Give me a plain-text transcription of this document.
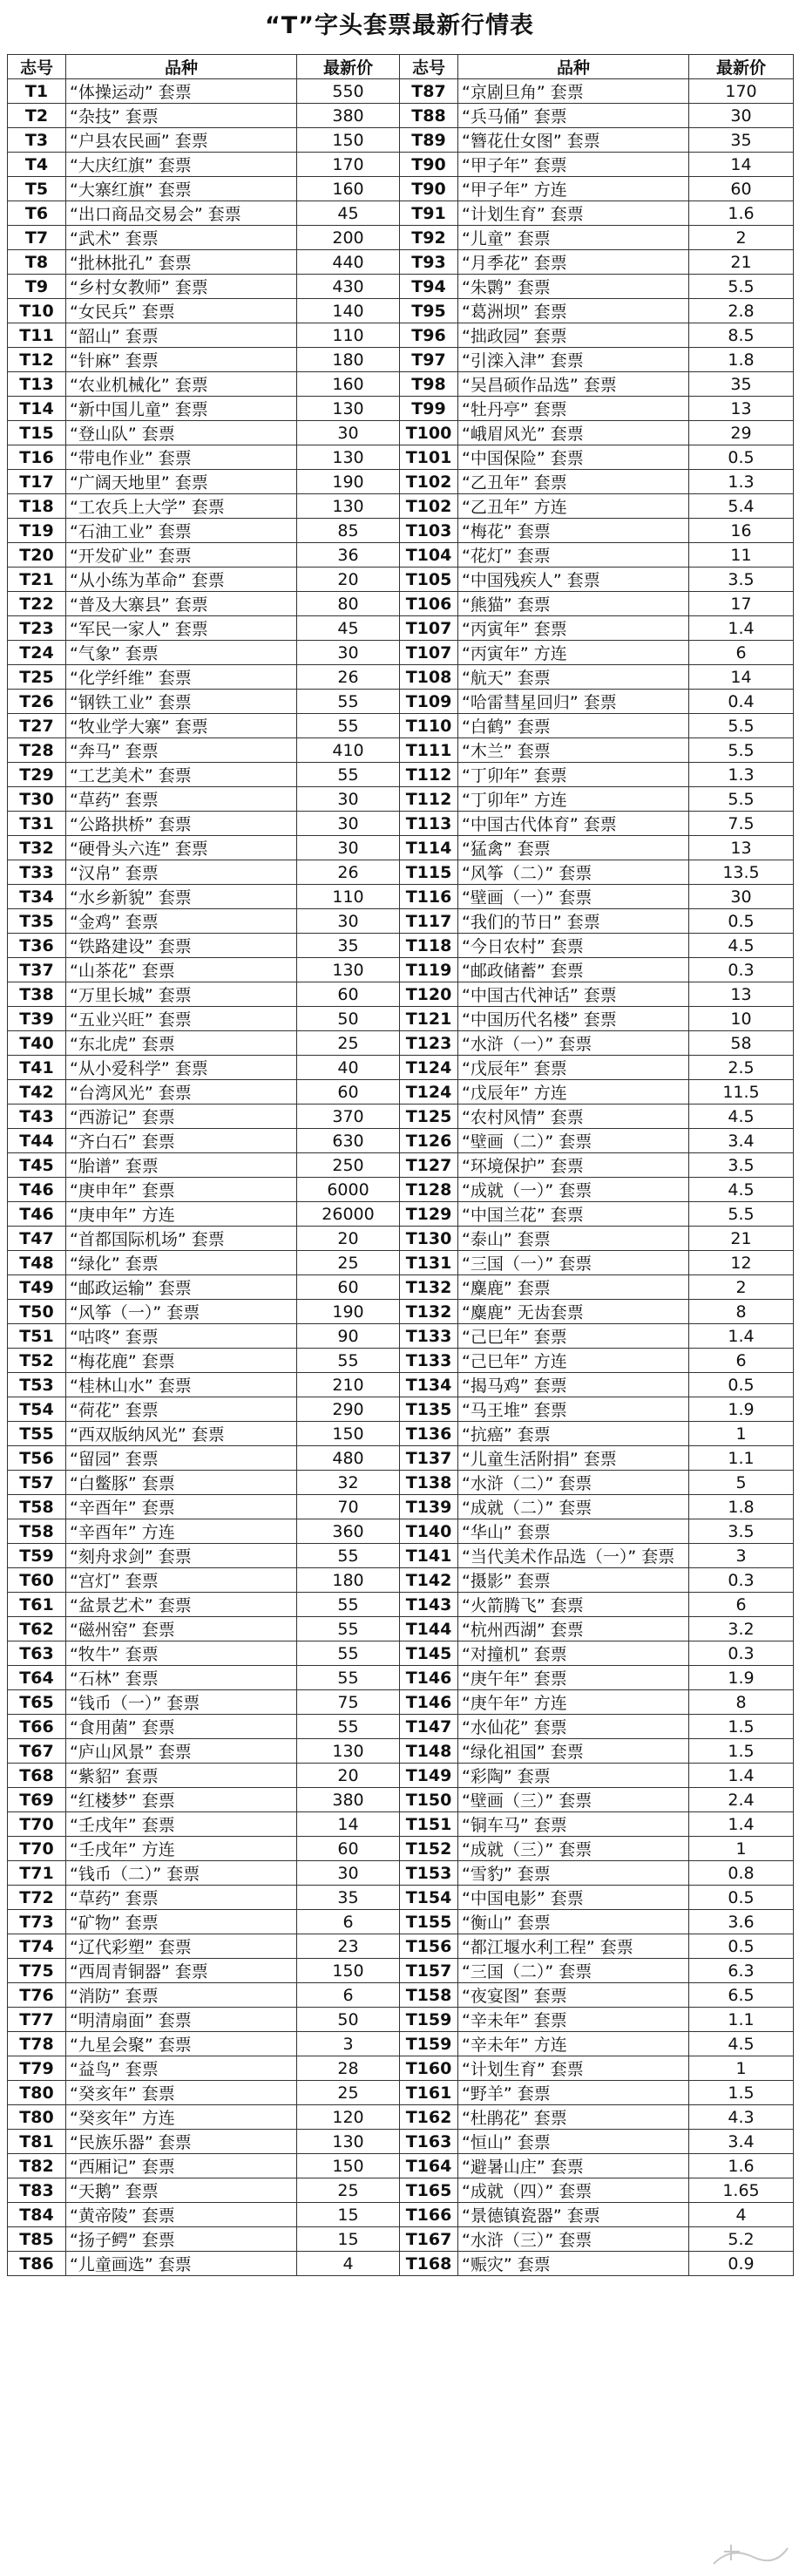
“T”字头套票最新行情表
志号	品种	最新价	志号	品种	最新价
T1	“体操运动” 套票	550	T87	“京剧旦角” 套票	170
T2	“杂技” 套票	380	T88	“兵马俑” 套票	30
T3	“户县农民画” 套票	150	T89	“簪花仕女图” 套票	35
T4	“大庆红旗” 套票	170	T90	“甲子年” 套票	14
T5	“大寨红旗” 套票	160	T90	“甲子年” 方连	60
T6	“出口商品交易会” 套票	45	T91	“计划生育” 套票	1.6
T7	“武术” 套票	200	T92	“儿童” 套票	2
T8	“批林批孔” 套票	440	T93	“月季花” 套票	21
T9	“乡村女教师” 套票	430	T94	“朱鹮” 套票	5.5
T10	“女民兵” 套票	140	T95	“葛洲坝” 套票	2.8
T11	“韶山” 套票	110	T96	“拙政园” 套票	8.5
T12	“针麻” 套票	180	T97	“引滦入津” 套票	1.8
T13	“农业机械化” 套票	160	T98	“吴昌硕作品选” 套票	35
T14	“新中国儿童” 套票	130	T99	“牡丹亭” 套票	13
T15	“登山队” 套票	30	T100	“峨眉风光” 套票	29
T16	“带电作业” 套票	130	T101	“中国保险” 套票	0.5
T17	“广阔天地里” 套票	190	T102	“乙丑年” 套票	1.3
T18	“工农兵上大学” 套票	130	T102	“乙丑年” 方连	5.4
T19	“石油工业” 套票	85	T103	“梅花” 套票	16
T20	“开发矿业” 套票	36	T104	“花灯” 套票	11
T21	“从小练为革命” 套票	20	T105	“中国残疾人” 套票	3.5
T22	“普及大寨县” 套票	80	T106	“熊猫” 套票	17
T23	“军民一家人” 套票	45	T107	“丙寅年” 套票	1.4
T24	“气象” 套票	30	T107	“丙寅年” 方连	6
T25	“化学纤维” 套票	26	T108	“航天” 套票	14
T26	“钢铁工业” 套票	55	T109	“哈雷彗星回归” 套票	0.4
T27	“牧业学大寨” 套票	55	T110	“白鹤” 套票	5.5
T28	“奔马” 套票	410	T111	“木兰” 套票	5.5
T29	“工艺美术” 套票	55	T112	“丁卯年” 套票	1.3
T30	“草药” 套票	30	T112	“丁卯年” 方连	5.5
T31	“公路拱桥” 套票	30	T113	“中国古代体育” 套票	7.5
T32	“硬骨头六连” 套票	30	T114	“猛禽” 套票	13
T33	“汉帛” 套票	26	T115	“风筝（二）” 套票	13.5
T34	“水乡新貌” 套票	110	T116	“壁画（一）” 套票	30
T35	“金鸡” 套票	30	T117	“我们的节日” 套票	0.5
T36	“铁路建设” 套票	35	T118	“今日农村” 套票	4.5
T37	“山茶花” 套票	130	T119	“邮政储蓄” 套票	0.3
T38	“万里长城” 套票	60	T120	“中国古代神话” 套票	13
T39	“五业兴旺” 套票	50	T121	“中国历代名楼” 套票	10
T40	“东北虎” 套票	25	T123	“水浒（一）” 套票	58
T41	“从小爱科学” 套票	40	T124	“戊辰年” 套票	2.5
T42	“台湾风光” 套票	60	T124	“戊辰年” 方连	11.5
T43	“西游记” 套票	370	T125	“农村风情” 套票	4.5
T44	“齐白石” 套票	630	T126	“壁画（二）” 套票	3.4
T45	“胎谱” 套票	250	T127	“环境保护” 套票	3.5
T46	“庚申年” 套票	6000	T128	“成就（一）” 套票	4.5
T46	“庚申年” 方连	26000	T129	“中国兰花” 套票	5.5
T47	“首都国际机场” 套票	20	T130	“泰山” 套票	21
T48	“绿化” 套票	25	T131	“三国（一）” 套票	12
T49	“邮政运输” 套票	60	T132	“麋鹿” 套票	2
T50	“风筝（一）” 套票	190	T132	“麋鹿” 无齿套票	8
T51	“咕咚” 套票	90	T133	“己巳年” 套票	1.4
T52	“梅花鹿” 套票	55	T133	“己巳年” 方连	6
T53	“桂林山水” 套票	210	T134	“揭马鸡” 套票	0.5
T54	“荷花” 套票	290	T135	“马王堆” 套票	1.9
T55	“西双版纳风光” 套票	150	T136	“抗癌” 套票	1
T56	“留园” 套票	480	T137	“儿童生活附捐” 套票	1.1
T57	“白鳖豚” 套票	32	T138	“水浒（二）” 套票	5
T58	“辛酉年” 套票	70	T139	“成就（二）” 套票	1.8
T58	“辛酉年” 方连	360	T140	“华山” 套票	3.5
T59	“刻舟求剑” 套票	55	T141	“当代美术作品选（一）” 套票	3
T60	“宫灯” 套票	180	T142	“摄影” 套票	0.3
T61	“盆景艺术” 套票	55	T143	“火箭腾飞” 套票	6
T62	“磁州窑” 套票	55	T144	“杭州西湖” 套票	3.2
T63	“牧牛” 套票	55	T145	“对撞机” 套票	0.3
T64	“石林” 套票	55	T146	“庚午年” 套票	1.9
T65	“钱币（一）” 套票	75	T146	“庚午年” 方连	8
T66	“食用菌” 套票	55	T147	“水仙花” 套票	1.5
T67	“庐山风景” 套票	130	T148	“绿化祖国” 套票	1.5
T68	“紫貂” 套票	20	T149	“彩陶” 套票	1.4
T69	“红楼梦” 套票	380	T150	“壁画（三）” 套票	2.4
T70	“壬戌年” 套票	14	T151	“铜车马” 套票	1.4
T70	“壬戌年” 方连	60	T152	“成就（三）” 套票	1
T71	“钱币（二）” 套票	30	T153	“雪豹” 套票	0.8
T72	“草药” 套票	35	T154	“中国电影” 套票	0.5
T73	“矿物” 套票	6	T155	“衡山” 套票	3.6
T74	“辽代彩塑” 套票	23	T156	“都江堰水利工程” 套票	0.5
T75	“西周青铜器” 套票	150	T157	“三国（二）” 套票	6.3
T76	“消防” 套票	6	T158	“夜宴图” 套票	6.5
T77	“明清扇面” 套票	50	T159	“辛未年” 套票	1.1
T78	“九星会聚” 套票	3	T159	“辛未年” 方连	4.5
T79	“益鸟” 套票	28	T160	“计划生育” 套票	1
T80	“癸亥年” 套票	25	T161	“野羊” 套票	1.5
T80	“癸亥年” 方连	120	T162	“杜鹃花” 套票	4.3
T81	“民族乐器” 套票	130	T163	“恒山” 套票	3.4
T82	“西厢记” 套票	150	T164	“避暑山庄” 套票	1.6
T83	“天鹅” 套票	25	T165	“成就（四）” 套票	1.65
T84	“黄帝陵” 套票	15	T166	“景德镇瓷器” 套票	4
T85	“扬子鳄” 套票	15	T167	“水浒（三）” 套票	5.2
T86	“儿童画选” 套票	4	T168	“赈灾” 套票	0.9
